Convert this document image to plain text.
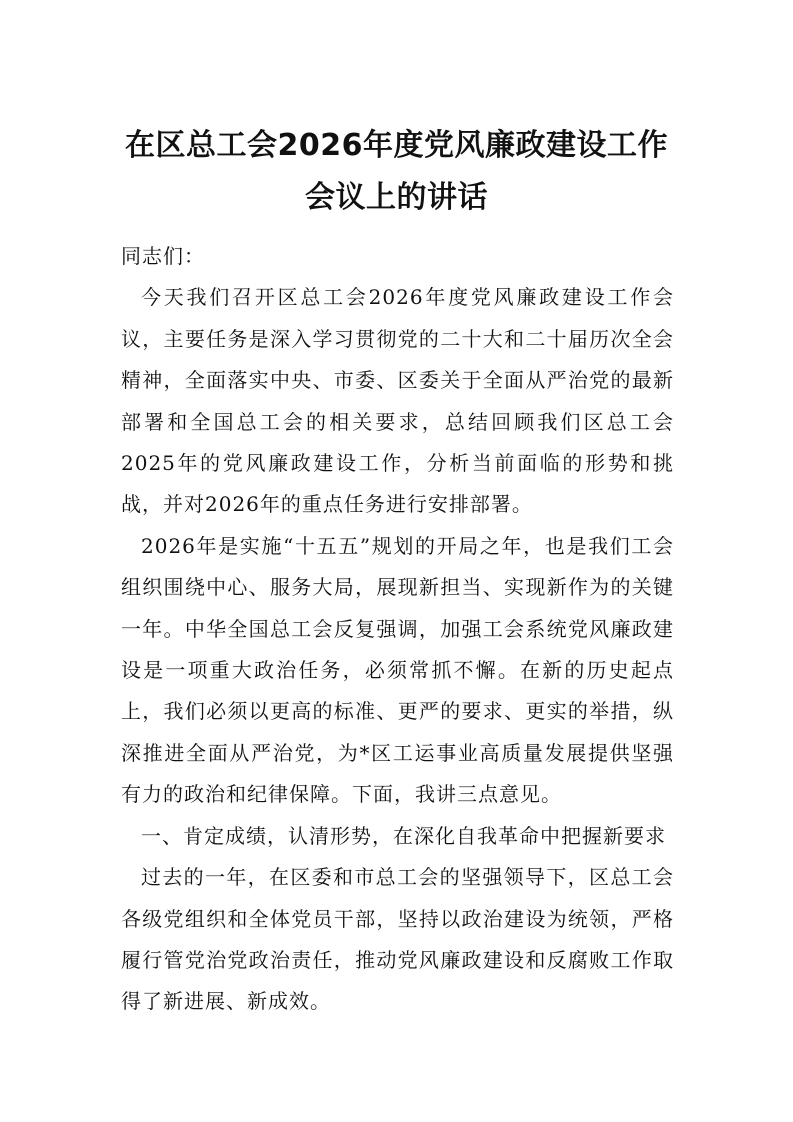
在区总工会2026年度党风廉政建设工作会议上的讲话

同志们：

今天我们召开区总工会2026年度党风廉政建设工作会议，主要任务是深入学习贯彻党的二十大和二十届历次全会精神，全面落实中央、市委、区委关于全面从严治党的最新部署和全国总工会的相关要求，总结回顾我们区总工会2025年的党风廉政建设工作，分析当前面临的形势和挑战，并对2026年的重点任务进行安排部署。

2026年是实施“十五五”规划的开局之年，也是我们工会组织围绕中心、服务大局，展现新担当、实现新作为的关键一年。中华全国总工会反复强调，加强工会系统党风廉政建设是一项重大政治任务，必须常抓不懈。在新的历史起点上，我们必须以更高的标准、更严的要求、更实的举措，纵深推进全面从严治党，为*区工运事业高质量发展提供坚强有力的政治和纪律保障。下面，我讲三点意见。

一、肯定成绩，认清形势，在深化自我革命中把握新要求

过去的一年，在区委和市总工会的坚强领导下，区总工会各级党组织和全体党员干部，坚持以政治建设为统领，严格履行管党治党政治责任，推动党风廉政建设和反腐败工作取得了新进展、新成效。
